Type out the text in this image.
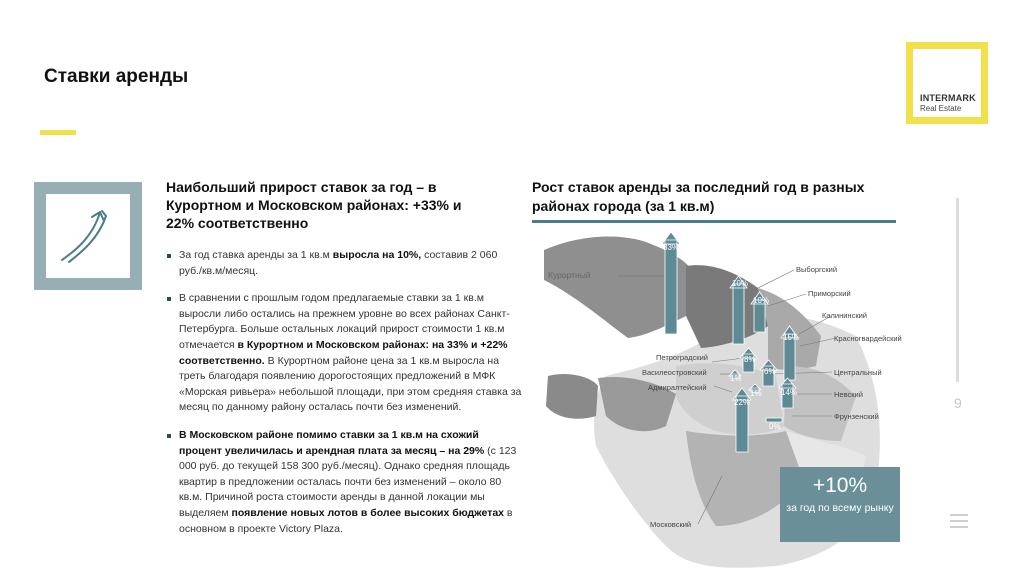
Ставки аренды
INTERMARK
Real Estate
Наибольший прирост ставок за год – в Курортном и Московском районах: +33% и 22% соответственно
За год ставка аренды за 1 кв.м выросла на 10%, составив 2 060 руб./кв.м/месяц.
В сравнении с прошлым годом предлагаемые ставки за 1 кв.м выросли либо остались на прежнем уровне во всех районах Санкт-Петербурга. Больше остальных локаций прирост стоимости 1 кв.м отмечается в Курортном и Московском районах: на 33% и +22% соответственно. В Курортном районе цена за 1 кв.м выросла на треть благодаря появлению дорогостоящих предложений в МФК «Морская ривьера» небольшой площади, при этом средняя ставка за месяц по данному району осталась почти без изменений.
В Московском районе помимо ставки за 1 кв.м на схожий процент увеличилась и арендная плата за месяц – на 29% (с 123 000 руб. до текущей 158 300 руб./месяц). Однако средняя площадь квартир в предложении осталась почти без изменений – около 80 кв.м. Причиной роста стоимости аренды в данной локации мы выделяем появление новых лотов в более высоких бюджетах в основном в проекте Victory Plaza.
Рост ставок аренды за последний год в разных районах города (за 1 кв.м)
Курортный
Выборгский
Приморский
Калининский
Красногвардейский
Петроградский
Василеостровский	Центральный
Адмиралтейский
Невский
Фрунзенский
Московский
33%
10%
10%
15%
8%
6%
14%
1%
1%
0%
22%
+10%
за год по всему рынку
9
